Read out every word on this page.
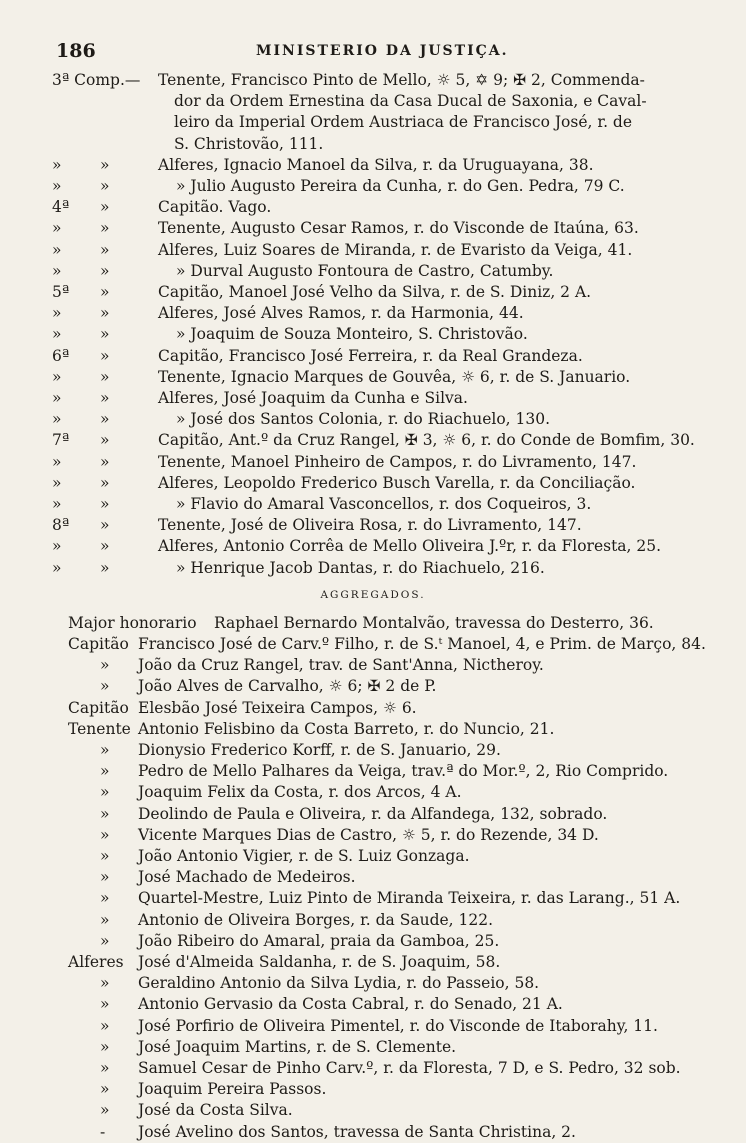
186	MINISTERIO DA JUSTIÇA.
3ª Comp.— Tenente, Francisco Pinto de Mello, ☼ 5, ✡ 9; ✠ 2, Commenda-
dor da Ordem Ernestina da Casa Ducal de Saxonia, e Caval-
leiro da Imperial Ordem Austriaca de Francisco José, r. de
S. Christovão, 111.
» »	Alferes, Ignacio Manoel da Silva, r. da Uruguayana, 38.
» »	» Julio Augusto Pereira da Cunha, r. do Gen. Pedra, 79 C.
4ª »	Capitão. Vago.
» »	Tenente, Augusto Cesar Ramos, r. do Visconde de Itaúna, 63.
» »	Alferes, Luiz Soares de Miranda, r. de Evaristo da Veiga, 41.
» »	» Durval Augusto Fontoura de Castro, Catumby.
5ª »	Capitão, Manoel José Velho da Silva, r. de S. Diniz, 2 A.
» »	Alferes, José Alves Ramos, r. da Harmonia, 44.
» »	» Joaquim de Souza Monteiro, S. Christovão.
6ª »	Capitão, Francisco José Ferreira, r. da Real Grandeza.
» »	Tenente, Ignacio Marques de Gouvêa, ☼ 6, r. de S. Januario.
» »	Alferes, José Joaquim da Cunha e Silva.
» »	» José dos Santos Colonia, r. do Riachuelo, 130.
7ª »	Capitão, Ant.º da Cruz Rangel, ✠ 3, ☼ 6, r. do Conde de Bomfim, 30.
» »	Tenente, Manoel Pinheiro de Campos, r. do Livramento, 147.
» »	Alferes, Leopoldo Frederico Busch Varella, r. da Conciliação.
» »	» Flavio do Amaral Vasconcellos, r. dos Coqueiros, 3.
8ª »	Tenente, José de Oliveira Rosa, r. do Livramento, 147.
» »	Alferes, Antonio Corrêa de Mello Oliveira J.ºr, r. da Floresta, 25.
» »	» Henrique Jacob Dantas, r. do Riachuelo, 216.
AGGREGADOS.
Major honorario Raphael Bernardo Montalvão, travessa do Desterro, 36.
Capitão Francisco José de Carv.º Filho, r. de S.ᵗ Manoel, 4, e Prim. de Março, 84.
» João da Cruz Rangel, trav. de Sant'Anna, Nictheroy.
» João Alves de Carvalho, ☼ 6; ✠ 2 de P.
Capitão Elesbão José Teixeira Campos, ☼ 6.
Tenente Antonio Felisbino da Costa Barreto, r. do Nuncio, 21.
» Dionysio Frederico Korff, r. de S. Januario, 29.
» Pedro de Mello Palhares da Veiga, trav.ª do Mor.º, 2, Rio Comprido.
» Joaquim Felix da Costa, r. dos Arcos, 4 A.
» Deolindo de Paula e Oliveira, r. da Alfandega, 132, sobrado.
» Vicente Marques Dias de Castro, ☼ 5, r. do Rezende, 34 D.
» João Antonio Vigier, r. de S. Luiz Gonzaga.
» José Machado de Medeiros.
» Quartel-Mestre, Luiz Pinto de Miranda Teixeira, r. das Larang., 51 A.
» Antonio de Oliveira Borges, r. da Saude, 122.
» João Ribeiro do Amaral, praia da Gamboa, 25.
Alferes José d'Almeida Saldanha, r. de S. Joaquim, 58.
» Geraldino Antonio da Silva Lydia, r. do Passeio, 58.
» Antonio Gervasio da Costa Cabral, r. do Senado, 21 A.
» José Porfirio de Oliveira Pimentel, r. do Visconde de Itaborahy, 11.
» José Joaquim Martins, r. de S. Clemente.
» Samuel Cesar de Pinho Carv.º, r. da Floresta, 7 D, e S. Pedro, 32 sob.
» Joaquim Pereira Passos.
» José da Costa Silva.
- José Avelino dos Santos, travessa de Santa Christina, 2.
